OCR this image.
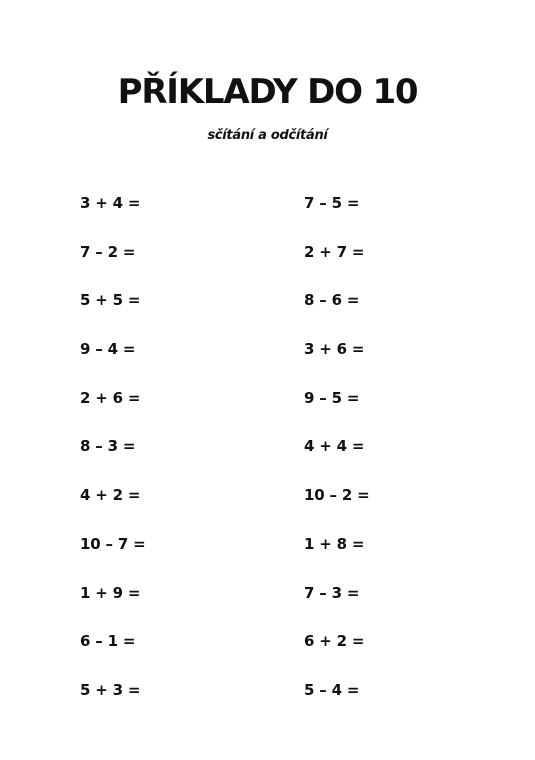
PŘÍKLADY DO 10

sčítání a odčítání

3 + 4 =
7 – 2 =
5 + 5 =
9 – 4 =
2 + 6 =
8 – 3 =
4 + 2 =
10 – 7 =
1 + 9 =
6 – 1 =
5 + 3 =
7 – 5 =
2 + 7 =
8 – 6 =
3 + 6 =
9 – 5 =
4 + 4 =
10 – 2 =
1 + 8 =
7 – 3 =
6 + 2 =
5 – 4 =
